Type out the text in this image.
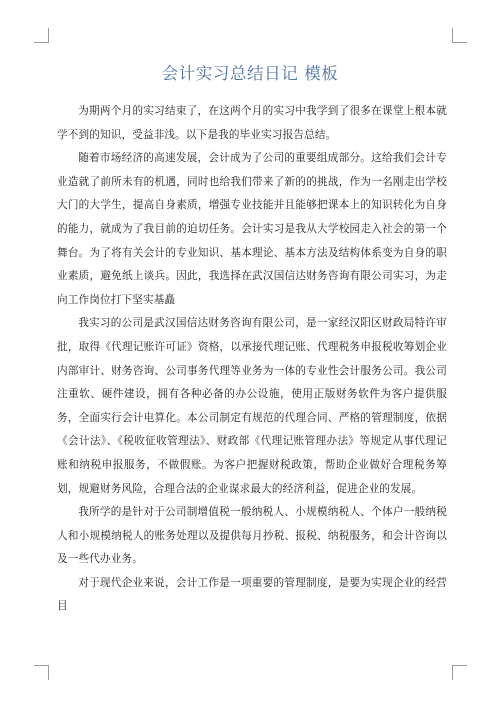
会计实习总结日记 模板

为期两个月的实习结束了，在这两个月的实习中我学到了很多在课堂上根本就学不到的知识，受益非浅。以下是我的毕业实习报告总结。

随着市场经济的高速发展，会计成为了公司的重要组成部分。这给我们会计专业造就了前所未有的机遇，同时也给我们带来了新的的挑战，作为一名刚走出学校大门的大学生，提高自身素质，增强专业技能并且能够把课本上的知识转化为自身的能力，就成为了我目前的迫切任务。会计实习是我从大学校园走入社会的第一个舞台。为了将有关会计的专业知识、基本理论、基本方法及结构体系变为自身的职业素质，避免纸上谈兵。因此，我选择在武汉国信达财务咨询有限公司实习，为走向工作岗位打下坚实基矗

我实习的公司是武汉国信达财务咨询有限公司，是一家经汉阳区财政局特许审批，取得《代理记账许可证》资格，以承接代理记账、代理税务申报税收筹划企业内部审计、财务咨询、公司事务代理等业务为一体的专业性会计服务公司。我公司注重软、硬件建设，拥有各种必备的办公设施，使用正版财务软件为客户提供服务，全面实行会计电算化。本公司制定有规范的代理合同、严格的管理制度，依据《会计法》、《税收征收管理法》、财政部《代理记账管理办法》等规定从事代理记账和纳税申报服务，不做假账。为客户把握财税政策，帮助企业做好合理税务筹划，规避财务风险，合理合法的企业谋求最大的经济利益，促进企业的发展。

我所学的是针对于公司制增值税一般纳税人、小规模纳税人、个体户一般纳税人和小规模纳税人的账务处理以及提供每月抄税、报税、纳税服务，和会计咨询以及一些代办业务。

对于现代企业来说，会计工作是一项重要的管理制度，是要为实现企业的经营目
